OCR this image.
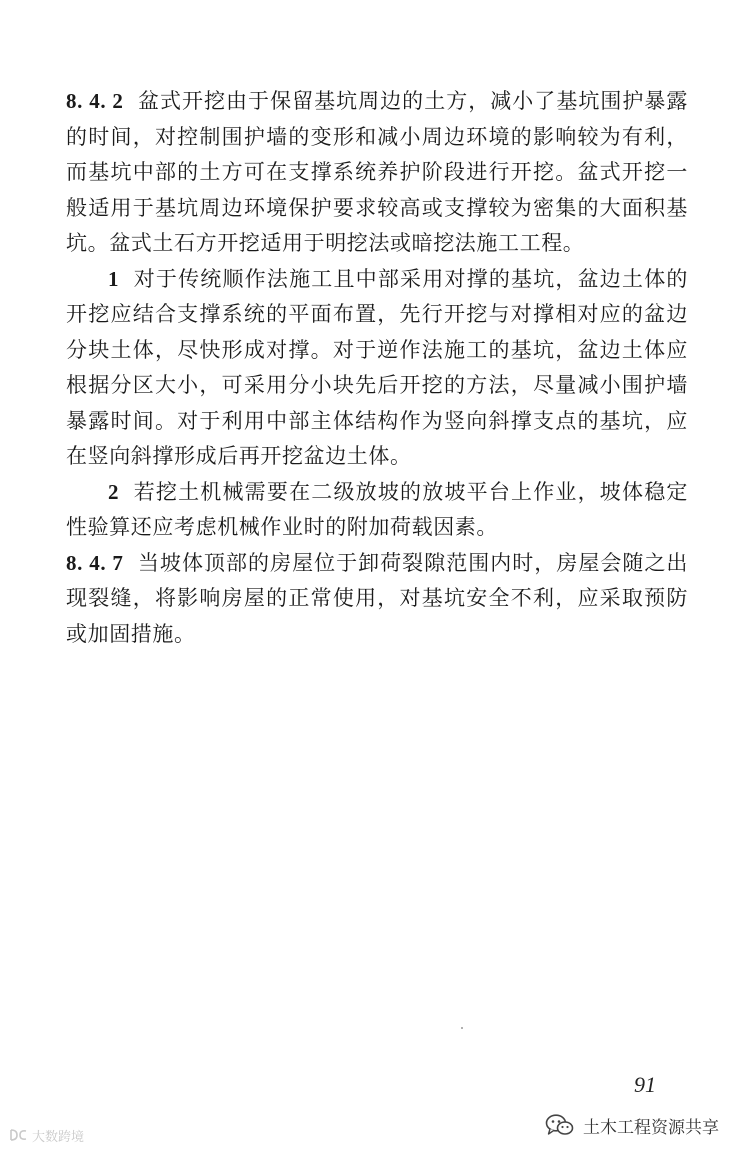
8. 4. 2 盆式开挖由于保留基坑周边的土方，减小了基坑围护暴露的时间，对控制围护墙的变形和减小周边环境的影响较为有利，而基坑中部的土方可在支撑系统养护阶段进行开挖。盆式开挖一般适用于基坑周边环境保护要求较高或支撑较为密集的大面积基坑。盆式土石方开挖适用于明挖法或暗挖法施工工程。

1 对于传统顺作法施工且中部采用对撑的基坑，盆边土体的开挖应结合支撑系统的平面布置，先行开挖与对撑相对应的盆边分块土体，尽快形成对撑。对于逆作法施工的基坑，盆边土体应根据分区大小，可采用分小块先后开挖的方法，尽量减小围护墙暴露时间。对于利用中部主体结构作为竖向斜撑支点的基坑，应在竖向斜撑形成后再开挖盆边土体。

2 若挖土机械需要在二级放坡的放坡平台上作业，坡体稳定性验算还应考虑机械作业时的附加荷载因素。

8. 4. 7 当坡体顶部的房屋位于卸荷裂隙范围内时，房屋会随之出现裂缝，将影响房屋的正常使用，对基坑安全不利，应采取预防或加固措施。

91
大数跨境	土木工程资源共享
